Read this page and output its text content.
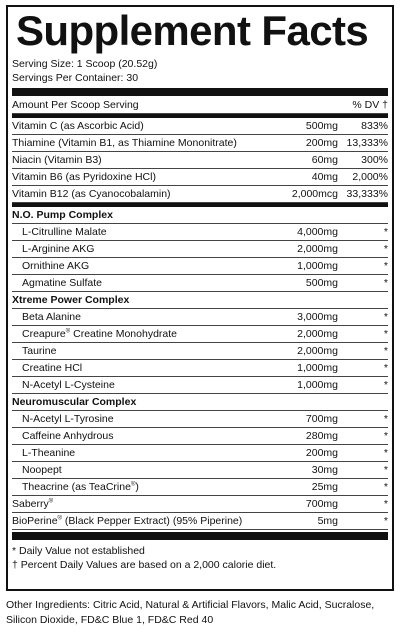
Supplement Facts
Serving Size: 1 Scoop (20.52g)
Servings Per Container: 30
Amount Per Scoop Serving	% DV †
Vitamin C (as Ascorbic Acid)	500mg	833%
Thiamine (Vitamin B1, as Thiamine Mononitrate)	200mg 13,333%
Niacin (Vitamin B3)	60mg	300%
Vitamin B6 (as Pyridoxine HCl)	40mg	2,000%
Vitamin B12 (as Cyanocobalamin)	2,000mcg 33,333%
N.O. Pump Complex
L-Citrulline Malate	4,000mg	*
L-Arginine AKG	2,000mg	*
Ornithine AKG	1,000mg	*
Agmatine Sulfate	500mg	*
Xtreme Power Complex
Beta Alanine	3,000mg	*
Creapure® Creatine Monohydrate	2,000mg	*
Taurine	2,000mg	*
Creatine HCl	1,000mg	*
N-Acetyl L-Cysteine	1,000mg	*
Neuromuscular Complex
N-Acetyl L-Tyrosine	700mg	*
Caffeine Anhydrous	280mg	*
L-Theanine	200mg	*
Noopept	30mg	*
Theacrine (as TeaCrine®)	25mg	*
Saberry®	700mg	*
BioPerine® (Black Pepper Extract) (95% Piperine)	5mg	*
* Daily Value not established
† Percent Daily Values are based on a 2,000 calorie diet.
Other Ingredients: Citric Acid, Natural & Artificial Flavors, Malic Acid, Sucralose, Silicon Dioxide, FD&C Blue 1, FD&C Red 40
